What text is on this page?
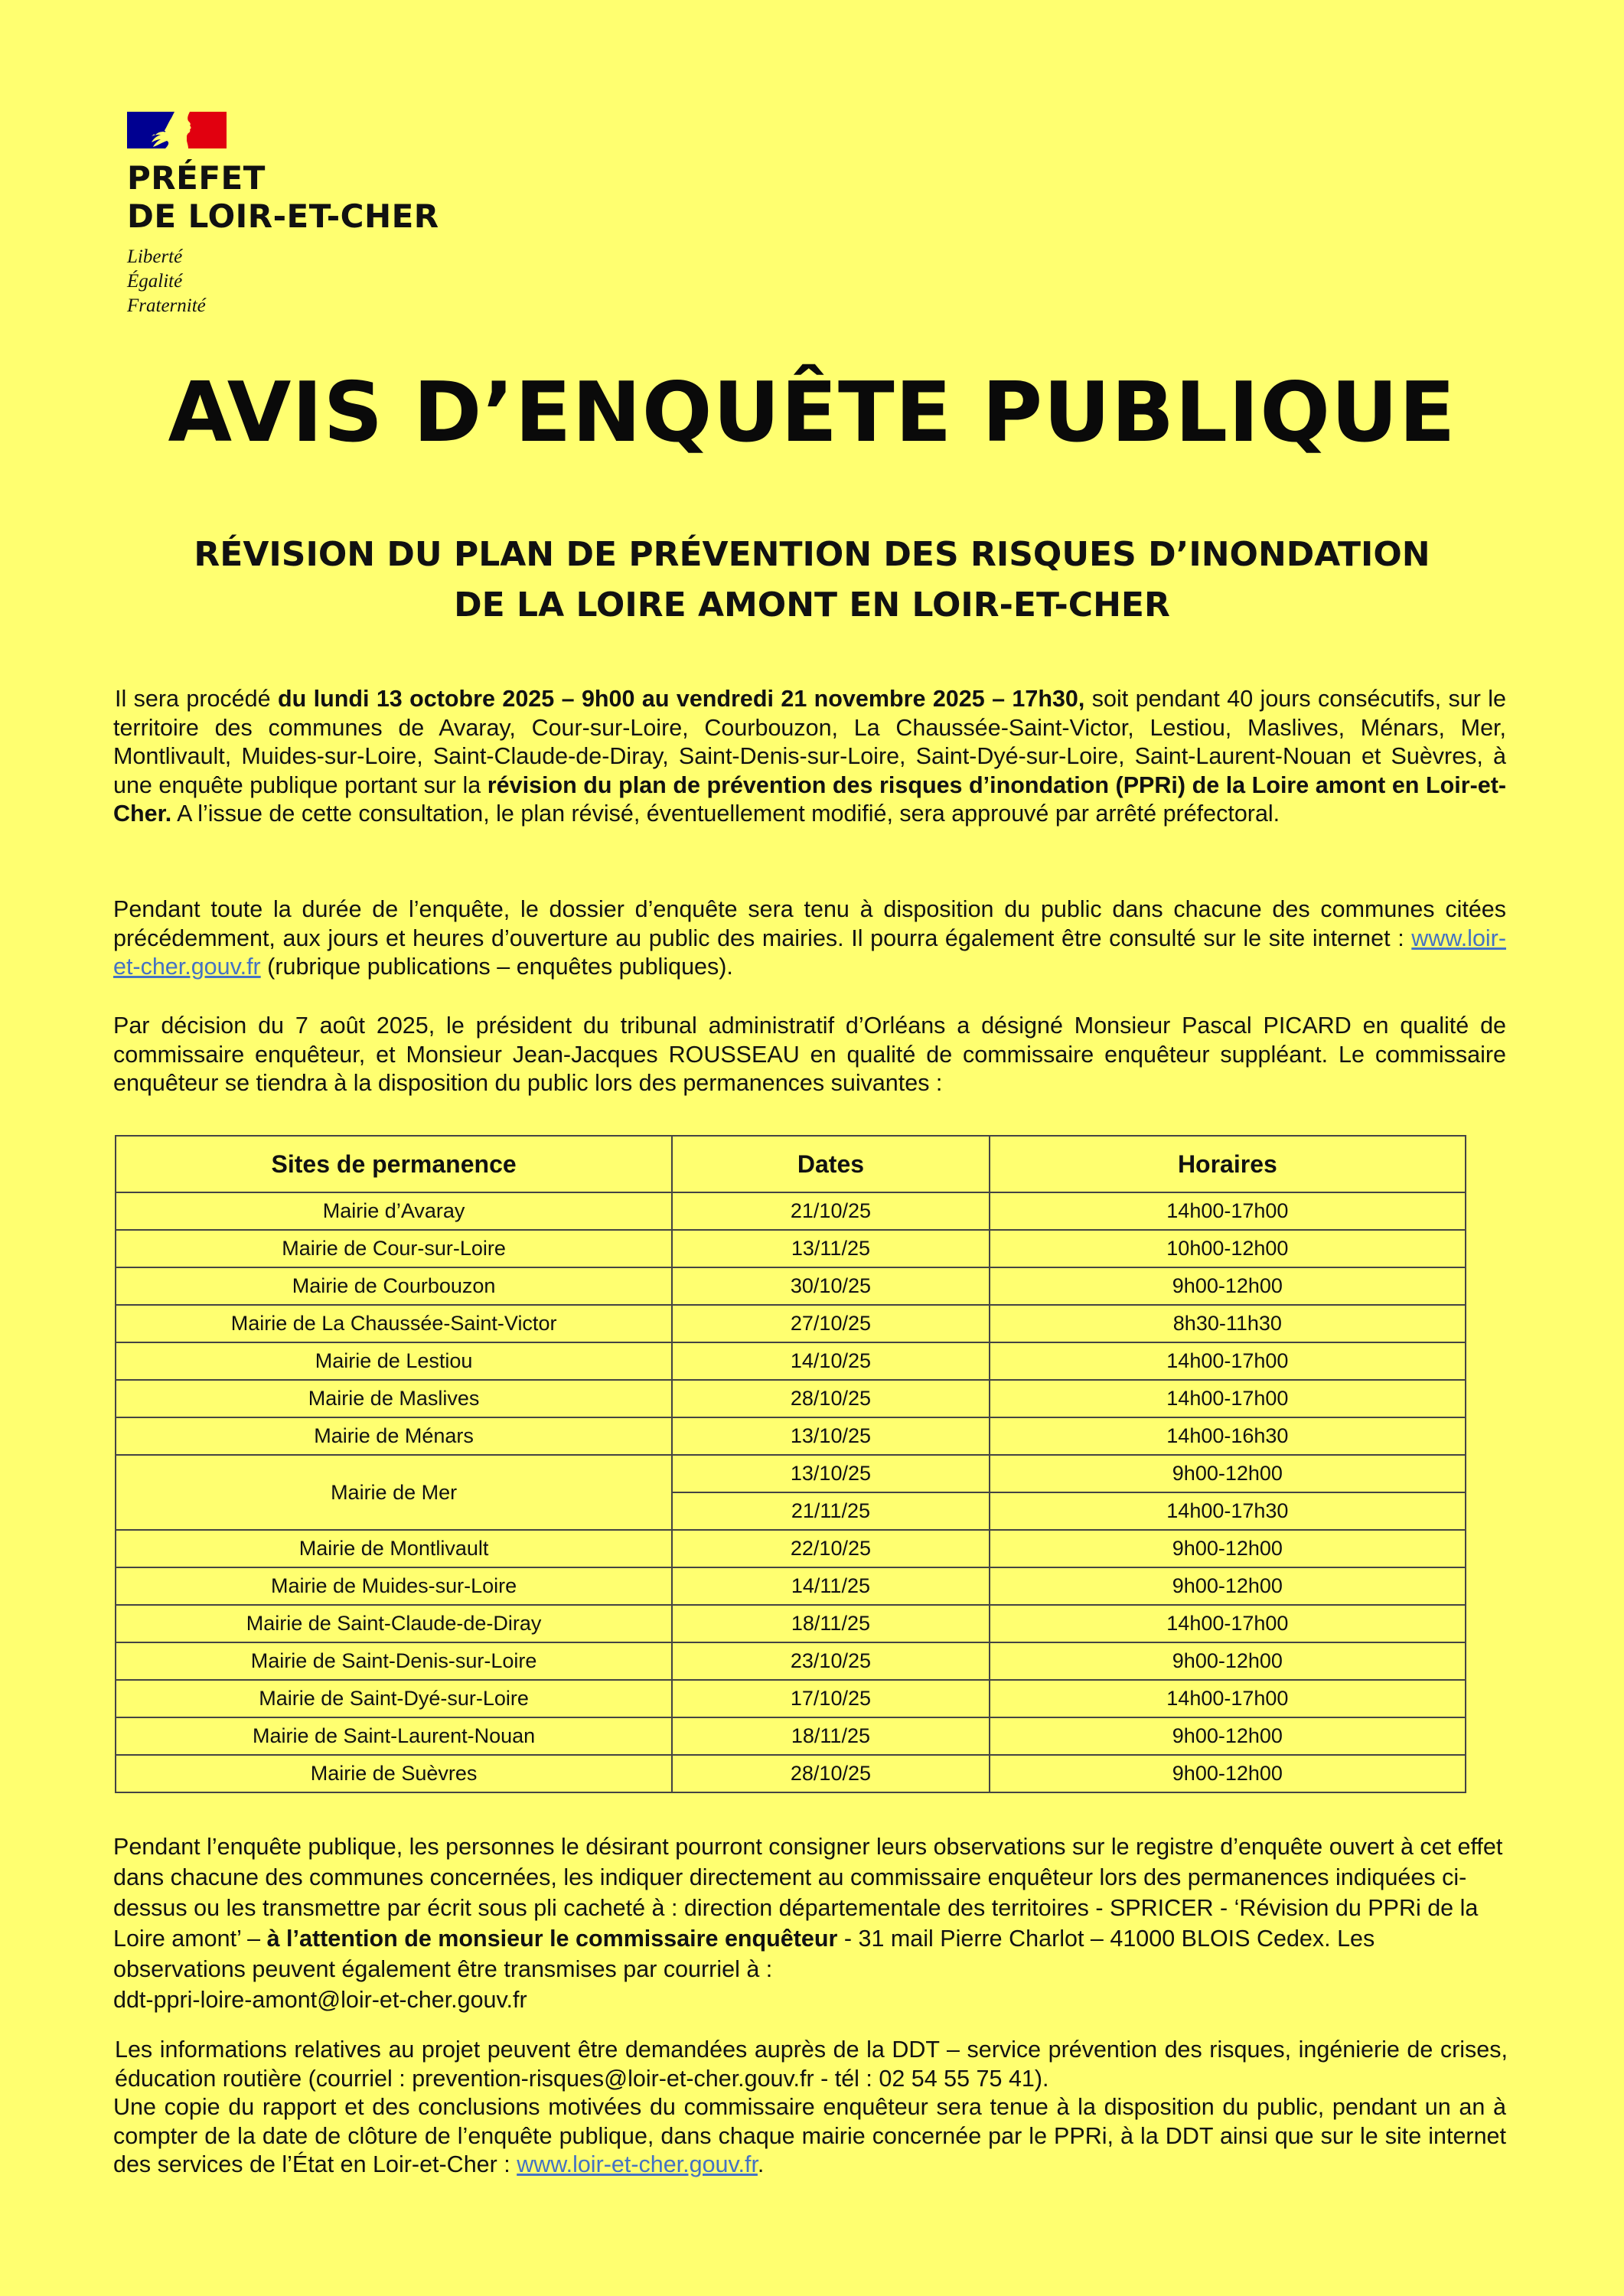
PRÉFET
DE LOIR-ET-CHER
Liberté
Égalité
Fraternité
AVIS D’ENQUÊTE PUBLIQUE
RÉVISION DU PLAN DE PRÉVENTION DES RISQUES D’INONDATION
DE LA LOIRE AMONT EN LOIR-ET-CHER

Il sera procédé du lundi 13 octobre 2025 – 9h00 au vendredi 21 novembre 2025 – 17h30, soit pendant 40 jours consécutifs, sur le territoire des communes de Avaray, Cour-sur-Loire, Courbouzon, La Chaussée-Saint-Victor, Lestiou, Maslives, Ménars, Mer, Montlivault, Muides-sur-Loire, Saint-Claude-de-Diray, Saint-Denis-sur-Loire, Saint-Dyé-sur-Loire, Saint-Laurent-Nouan et Suèvres, à une enquête publique portant sur la révision du plan de prévention des risques d’inondation (PPRi) de la Loire amont en Loir-et-Cher. A l’issue de cette consultation, le plan révisé, éventuellement modifié, sera approuvé par arrêté préfectoral.

Pendant toute la durée de l’enquête, le dossier d’enquête sera tenu à disposition du public dans chacune des communes citées précédemment, aux jours et heures d’ouverture au public des mairies. Il pourra également être consulté sur le site internet : www.loir-et-cher.gouv.fr (rubrique publications – enquêtes publiques).

Par décision du 7 août 2025, le président du tribunal administratif d’Orléans a désigné Monsieur Pascal PICARD en qualité de commissaire enquêteur, et Monsieur Jean-Jacques ROUSSEAU en qualité de commissaire enquêteur suppléant. Le commissaire enquêteur se tiendra à la disposition du public lors des permanences suivantes :

Sites de permanence	Dates	Horaires
Mairie d’Avaray	21/10/25	14h00-17h00
Mairie de Cour-sur-Loire	13/11/25	10h00-12h00
Mairie de Courbouzon	30/10/25	9h00-12h00
Mairie de La Chaussée-Saint-Victor	27/10/25	8h30-11h30
Mairie de Lestiou	14/10/25	14h00-17h00
Mairie de Maslives	28/10/25	14h00-17h00
Mairie de Ménars	13/10/25	14h00-16h30
Mairie de Mer	13/10/25	9h00-12h00
	21/11/25	14h00-17h30
Mairie de Montlivault	22/10/25	9h00-12h00
Mairie de Muides-sur-Loire	14/11/25	9h00-12h00
Mairie de Saint-Claude-de-Diray	18/11/25	14h00-17h00
Mairie de Saint-Denis-sur-Loire	23/10/25	9h00-12h00
Mairie de Saint-Dyé-sur-Loire	17/10/25	14h00-17h00
Mairie de Saint-Laurent-Nouan	18/11/25	9h00-12h00
Mairie de Suèvres	28/10/25	9h00-12h00

Pendant l’enquête publique, les personnes le désirant pourront consigner leurs observations sur le registre d’enquête ouvert à cet effet dans chacune des communes concernées, les indiquer directement au commissaire enquêteur lors des permanences indiquées ci-dessus ou les transmettre par écrit sous pli cacheté à : direction départementale des territoires - SPRICER - ‘Révision du PPRi de la Loire amont’ – à l’attention de monsieur le commissaire enquêteur - 31 mail Pierre Charlot – 41000 BLOIS Cedex. Les observations peuvent également être transmises par courriel à :
ddt-ppri-loire-amont@loir-et-cher.gouv.fr

Les informations relatives au projet peuvent être demandées auprès de la DDT – service prévention des risques, ingénierie de crises, éducation routière (courriel : prevention-risques@loir-et-cher.gouv.fr - tél : 02 54 55 75 41).

Une copie du rapport et des conclusions motivées du commissaire enquêteur sera tenue à la disposition du public, pendant un an à compter de la date de clôture de l’enquête publique, dans chaque mairie concernée par le PPRi, à la DDT ainsi que sur le site internet des services de l’État en Loir-et-Cher : www.loir-et-cher.gouv.fr.
